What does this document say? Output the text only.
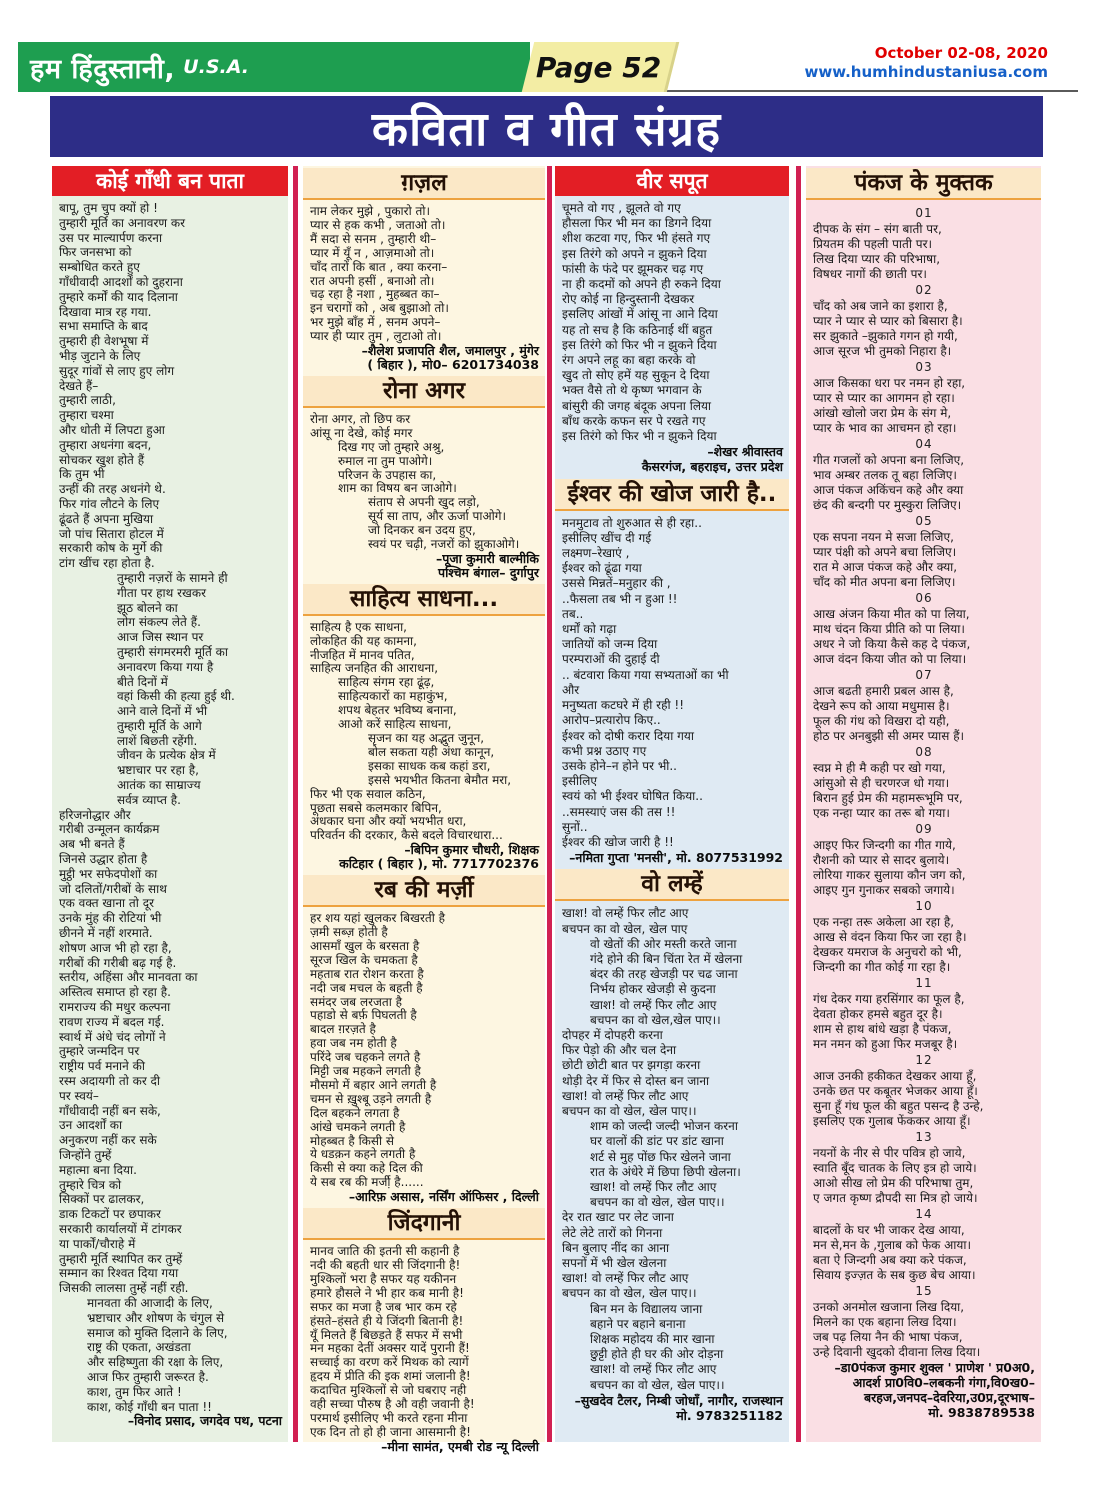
हम हिंदुस्तानी, U.S.A.	Page 52	October 02-08, 2020
www.humhindustaniusa.com
कविता व गीत संग्रह
कोई गाँधी बन पाता
बापू, तुम चुप क्यों हो !
तुम्हारी मूर्ति का अनावरण कर
उस पर माल्यार्पण करना
फिर जनसभा को
सम्बोधित करते हुए
गाँधीवादी आदर्शों को दुहराना
तुम्हारे कर्मों की याद दिलाना
दिखावा मात्र रह गया.
सभा समाप्ति के बाद
तुम्हारी ही वेशभूषा में
भीड़ जुटाने के लिए
सुदूर गांवों से लाए हुए लोग
देखते हैं–
तुम्हारी लाठी,
तुम्हारा चश्मा
और धोती में लिपटा हुआ
तुम्हारा अधनंगा बदन,
सोचकर खुश होते हैं
कि तुम भी
उन्हीं की तरह अधनंगे थे.
फिर गांव लौटने के लिए
ढूंढते हैं अपना मुखिया
जो पांच सितारा होटल में
सरकारी कोष के मुर्गे की
टांग खींच रहा होता है.
तुम्हारी नज़रों के सामने ही
गीता पर हाथ रखकर
झूठ बोलने का
लोग संकल्प लेते हैं.
आज जिस स्थान पर
तुम्हारी संगमरमरी मूर्ति का
अनावरण किया गया है
बीते दिनों में
वहां किसी की हत्या हुई थी.
आने वाले दिनों में भी
तुम्हारी मूर्ति के आगे
लाशें बिछती रहेंगी.
जीवन के प्रत्येक क्षेत्र में
भ्रष्टाचार पर रहा है,
आतंक का साम्राज्य
सर्वत्र व्याप्त है.
हरिजनोद्धार और
गरीबी उन्मूलन कार्यक्रम
अब भी बनते हैं
जिनसे उद्धार होता है
मुट्ठी भर सफेदपोशों का
जो दलितों/गरीबों के साथ
एक वक्त खाना तो दूर
उनके मुंह की रोटियां भी
छीनने में नहीं शरमाते.
शोषण आज भी हो रहा है,
गरीबों की गरीबी बढ़ गई है.
स्तरीय, अहिंसा और मानवता का
अस्तित्व समाप्त हो रहा है.
रामराज्य की मधुर कल्पना
रावण राज्य में बदल गई.
स्वार्थ में अंधे चंद लोगों ने
तुम्हारे जन्मदिन पर
राष्ट्रीय पर्व मनाने की
रस्म अदायगी तो कर दी
पर स्वयं–
गाँधीवादी नहीं बन सके,
उन आदर्शों का
अनुकरण नहीं कर सके
जिन्होंने तुम्हें
महात्मा बना दिया.
तुम्हारे चित्र को
सिक्कों पर ढालकर,
डाक टिकटों पर छपाकर
सरकारी कार्यालयों में टांगकर
या पार्कों/चौराहे में
तुम्हारी मूर्ति स्थापित कर तुम्हें
सम्मान का रिश्वत दिया गया
जिसकी लालसा तुम्हें नहीं रही.
मानवता की आजादी के लिए,
भ्रष्टाचार और शोषण के चंगुल से
समाज को मुक्ति दिलाने के लिए,
राष्ट्र की एकता, अखंडता
और सहिष्णुता की रक्षा के लिए,
आज फिर तुम्हारी जरूरत है.
काश, तुम फिर आते !
काश, कोई गाँधी बन पाता !!
–विनोद प्रसाद, जगदेव पथ, पटना
ग़ज़ल
नाम लेकर मुझे , पुकारो तो।
प्यार से हक कभी , जताओ तो।
मैं सदा से सनम , तुम्हारी थी–
प्यार में यूँ न , आज़माओ तो।
चाँद तारों कि बात , क्या करना–
रात अपनी हसीं , बनाओ तो।
चढ़ रहा है नशा , मुहब्बत का–
इन चरागों को , अब बुझाओ तो।
भर मुझे बाँह में , सनम अपने–
प्यार ही प्यार तुम , लुटाओ तो।
–शैलेश प्रजापति शैल, जमालपुर , मुंगेर
( बिहार ), मो0– 6201734038
रोना अगर
रोना अगर, तो छिप कर
आंसू ना देखे, कोई मगर
दिख गए जो तुम्हारे अश्रु,
रुमाल ना तुम पाओगे।
परिजन के उपहास का,
शाम का विषय बन जाओगे।
संताप से अपनी खुद लड़ो,
सूर्य सा ताप, और ऊर्जा पाओगे।
जो दिनकर बन उदय हुए,
स्वयं पर चढ़ी, नजरों को झुकाओगे।
–पूजा कुमारी बाल्मीकि
पश्चिम बंगाल– दुर्गापुर
साहित्य साधना...
साहित्य है एक साधना,
लोकहित की यह कामना,
नीजहित में मानव पतित,
साहित्य जनहित की आराधना,
साहित्य संगम रहा ढूंढ़,
साहित्यकारों का महाकुंभ,
शपथ बेहतर भविष्य बनाना,
आओ करें साहित्य साधना,
सृजन का यह अद्भुत जुनून,
बोल सकता यही अंधा कानून,
इसका साधक कब कहां डरा,
इससे भयभीत कितना बेमौत मरा,
फिर भी एक सवाल कठिन,
पूछता सबसे कलमकार बिपिन,
अंधकार घना और क्यों भयभीत धरा,
परिवर्तन की दरकार, कैसे बदले विचारधारा...
–बिपिन कुमार चौधरी, शिक्षक
कटिहार ( बिहार ), मो. 7717702376
रब की मर्ज़ी
हर शय यहां खुलकर बिखरती है
ज़मी सब्ज़ होती है
आसमाँ खुल के बरसता है
सूरज खिल के चमकता है
महताब रात रोशन करता है
नदी जब मचल के बहती है
समंदर जब लरजता है
पहाडो से बर्फ़ पिघलती है
बादल ग़रज़ते है
हवा जब नम होती है
परिंदे जब चहकने लगते है
मिट्टी जब महकने लगती है
मौसमो में बहार आने लगती है
चमन से ख़ुश्बू उड़ने लगती है
दिल बहकने लगता है
आंखे चमकने लगती है
मोहब्बत है किसी से
ये धडक़न कहने लगती है
किसी से क्या कहे दिल की
ये सब रब की मर्जी़ है......
–आरिफ़ असास, नर्सिंग ऑफिसर , दिल्ली
जिंदगानी
मानव जाति की इतनी सी कहानी है
नदी की बहती धार सी जिंदगानी है!
मुश्किलों भरा है सफर यह यकीनन
हमारे हौसले ने भी हार कब मानी है!
सफर का मजा है जब भार कम रहे
हंसते–हंसते ही ये जिंदगी बितानी है!
यूँ मिलते हैं बिछड़ते हैं सफर में सभी
मन महका देतीं अक्सर यादें पुरानी हैं!
सच्चाई का वरण करें मिथक को त्यागें
हृदय में प्रीति की इक शमां जलानी है!
कदाचित मुश्किलों से जो घबराए नही
वही सच्चा पौरुष है औ वही जवानी है!
परमार्थ इसीलिए भी करते रहना मीना
एक दिन तो हो ही जाना आसमानी है!
–मीना सामंत, एमबी रोड न्यू दिल्ली
वीर सपूत
चूमते वो गए , झूलते वो गए
हौसला फिर भी मन का डिगने दिया
शीश कटवा गए, फिर भी हंसते गए
इस तिरंगे को अपने न झुकने दिया
फांसी के फंदे पर झूमकर चढ़ गए
ना ही कदमों को अपने ही रुकने दिया
रोए कोई ना हिन्दुस्तानी देखकर
इसलिए आंखों में आंसू ना आने दिया
यह तो सच है कि कठिनाई थीं बहुत
इस तिरंगे को फिर भी न झुकने दिया
रंग अपने लहू का बहा करके वो
खुद तो सोए हमें यह सुकून दे दिया
भक्त वैसे तो थे कृष्ण भगवान के
बांसुरी की जगह बंदूक अपना लिया
बाँध करके कफन सर पे रखते गए
इस तिरंगे को फिर भी न झुकने दिया
–शेखर श्रीवास्तव
कैसरगंज, बहराइच, उत्तर प्रदेश
ईश्वर की खोज जारी है..
मनमुटाव तो शुरुआत से ही रहा..
इसीलिए खींच दी गई
लक्ष्मण–रेखाएं ,
ईश्वर को ढूंढा गया
उससे मिन्नतें–मनुहार की ,
..फैसला तब भी न हुआ !!
तब..
धर्मों को गढ़ा
जातियों को जन्म दिया
परम्पराओं की दुहाई दी
.. बंटवारा किया गया सभ्यताओं का भी
और
मनुष्यता कटघरे में ही रही !!
आरोप–प्रत्यारोप किए..
ईश्वर को दोषी करार दिया गया
कभी प्रश्न उठाए गए
उसके होने–न होने पर भी..
इसीलिए
स्वयं को भी ईश्वर घोषित किया..
..समस्याएं जस की तस !!
सुनों..
ईश्वर की खोज जारी है !!
–नमिता गुप्ता 'मनसी', मो. 8077531992
वो लम्हें
खाश! वो लम्हें फिर लौट आए
बचपन का वो खेल, खेल पाए
वो खेतों की ओर मस्ती करते जाना
गंदे होने की बिन चिंता रेत में खेलना
बंदर की तरह खेजड़ी पर चढ जाना
निर्भय होकर खेजड़ी से कुदना
खाश! वो लम्हें फिर लौट आए
बचपन का वो खेल,खेल पाए।।
दोपहर में दोपहरी करना
फिर पेड़ो की और चल देना
छोटी छोटी बात पर झगड़ा करना
थोड़ी देर में फिर से दोस्त बन जाना
खाश! वो लम्हें फिर लौट आए
बचपन का वो खेल, खेल पाए।।
शाम को जल्दी जल्दी भोजन करना
घर वालों की डांट पर डांट खाना
शर्ट से मुह पोंछ फिर खेलने जाना
रात के अंधेरे में छिपा छिपी खेलना।
खाश! वो लम्हें फिर लौट आए
बचपन का वो खेल, खेल पाए।।
देर रात खाट पर लेट जाना
लेटे लेटे तारों को गिनना
बिन बुलाए नींद का आना
सपनों में भी खेल खेलना
खाश! वो लम्हें फिर लौट आए
बचपन का वो खेल, खेल पाए।।
बिन मन के विद्यालय जाना
बहाने पर बहाने बनाना
शिक्षक महोदय की मार खाना
छुट्टी होते ही घर की ओर दोड़ना
खाश! वो लम्हें फिर लौट आए
बचपन का वो खेल, खेल पाए।।
–सुखदेव टैलर, निम्बी जोधाँ, नागौर, राजस्थान
मो. 9783251182
पंकज के मुक्तक
01
दीपक के संग – संग बाती पर,
प्रियतम की पहली पाती पर।
लिख दिया प्यार की परिभाषा,
विषधर नागों की छाती पर।
02
चाँद को अब जाने का इशारा है,
प्यार ने प्यार से प्यार को बिसारा है।
सर झुकाते –झुकाते गगन हो गयी,
आज सूरज भी तुमको निहारा है।
03
आज किसका धरा पर नमन हो रहा,
प्यार से प्यार का आगमन हो रहा।
आंखो खोलो जरा प्रेम के संग मे,
प्यार के भाव का आचमन हो रहा।
04
गीत गजलों को अपना बना लिजिए,
भाव अम्बर तलक तू बहा लिजिए।
आज पंकज अकिंचन कहे और क्या
छंद की बन्दगी पर मुस्कुरा लिजिए।
05
एक सपना नयन मे सजा लिजिए,
प्यार पंक्षी को अपने बचा लिजिए।
रात मे आज पंकज कहे और क्या,
चाँद को मीत अपना बना लिजिए।
06
आख अंजन किया मीत को पा लिया,
माथ चंदन किया प्रीति को पा लिया।
अधर ने जो किया कैसे कह दे पंकज,
आज वंदन किया जीत को पा लिया।
07
आज बढती हमारी प्रबल आस है,
देखने रूप को आया मधुमास है।
फूल की गंध को विखरा दो यही,
होठ पर अनबुझी सी अमर प्यास हैं।
08
स्वप्न मे ही मै कही पर खो गया,
आंसुओ से ही चरणरज धो गया।
बिरान हुई प्रेम की महामरूभूमि पर,
एक नन्हा प्यार का तरू बो गया।
09
आइए फिर जिन्दगी का गीत गाये,
रौशनी को प्यार से सादर बुलाये।
लोरिया गाकर सुलाया कौन जग को,
आइए गुन गुनाकर सबको जगाये।
10
एक नन्हा तरू अकेला आ रहा है,
आख से वंदन किया फिर जा रहा है।
देखकर यमराज के अनुचरो को भी,
जिन्दगी का गीत कोई गा रहा है।
11
गंध देकर गया हरसिंगार का फूल है,
देवता होकर हमसे बहुत दूर है।
शाम से हाथ बांधे खड़ा है पंकज,
मन नमन को हुआ फिर मजबूर है।
12
आज उनकी हकीकत देखकर आया हूँ,
उनके छत पर कबूतर भेजकर आया हूँ।
सुना हूँ गंध फूल की बहुत पसन्द है उन्हे,
इसलिए एक गुलाब फेंककर आया हूँ।
13
नयनों के नीर से पीर पवित्र हो जाये,
स्वाति बूँद चातक के लिए इत्र हो जाये।
आओ सीख लो प्रेम की परिभाषा तुम,
ए जगत कृष्ण द्रौपदी सा मित्र हो जाये।
14
बादलों के घर भी जाकर देख आया,
मन से,मन के ,गुलाब को फेक आया।
बता ऐ जिन्दगी अब क्या करे पंकज,
सिवाय इज्ज़त के सब कुछ बेच आया।
15
उनको अनमोल खजाना लिख दिया,
मिलने का एक बहाना लिख दिया।
जब पढ़ लिया नैन की भाषा पंकज,
उन्हे दिवानी खुदको दीवाना लिख दिया।
–डा0पंकज कुमार शुक्ल ' प्राणेश ' प्र0अ0,
आदर्श प्रा0वि0–लबकनी गंगा,वि0ख0–
बरहज,जनपद–देवरिया,उ0प्र,दूरभाष–
मो. 9838789538
